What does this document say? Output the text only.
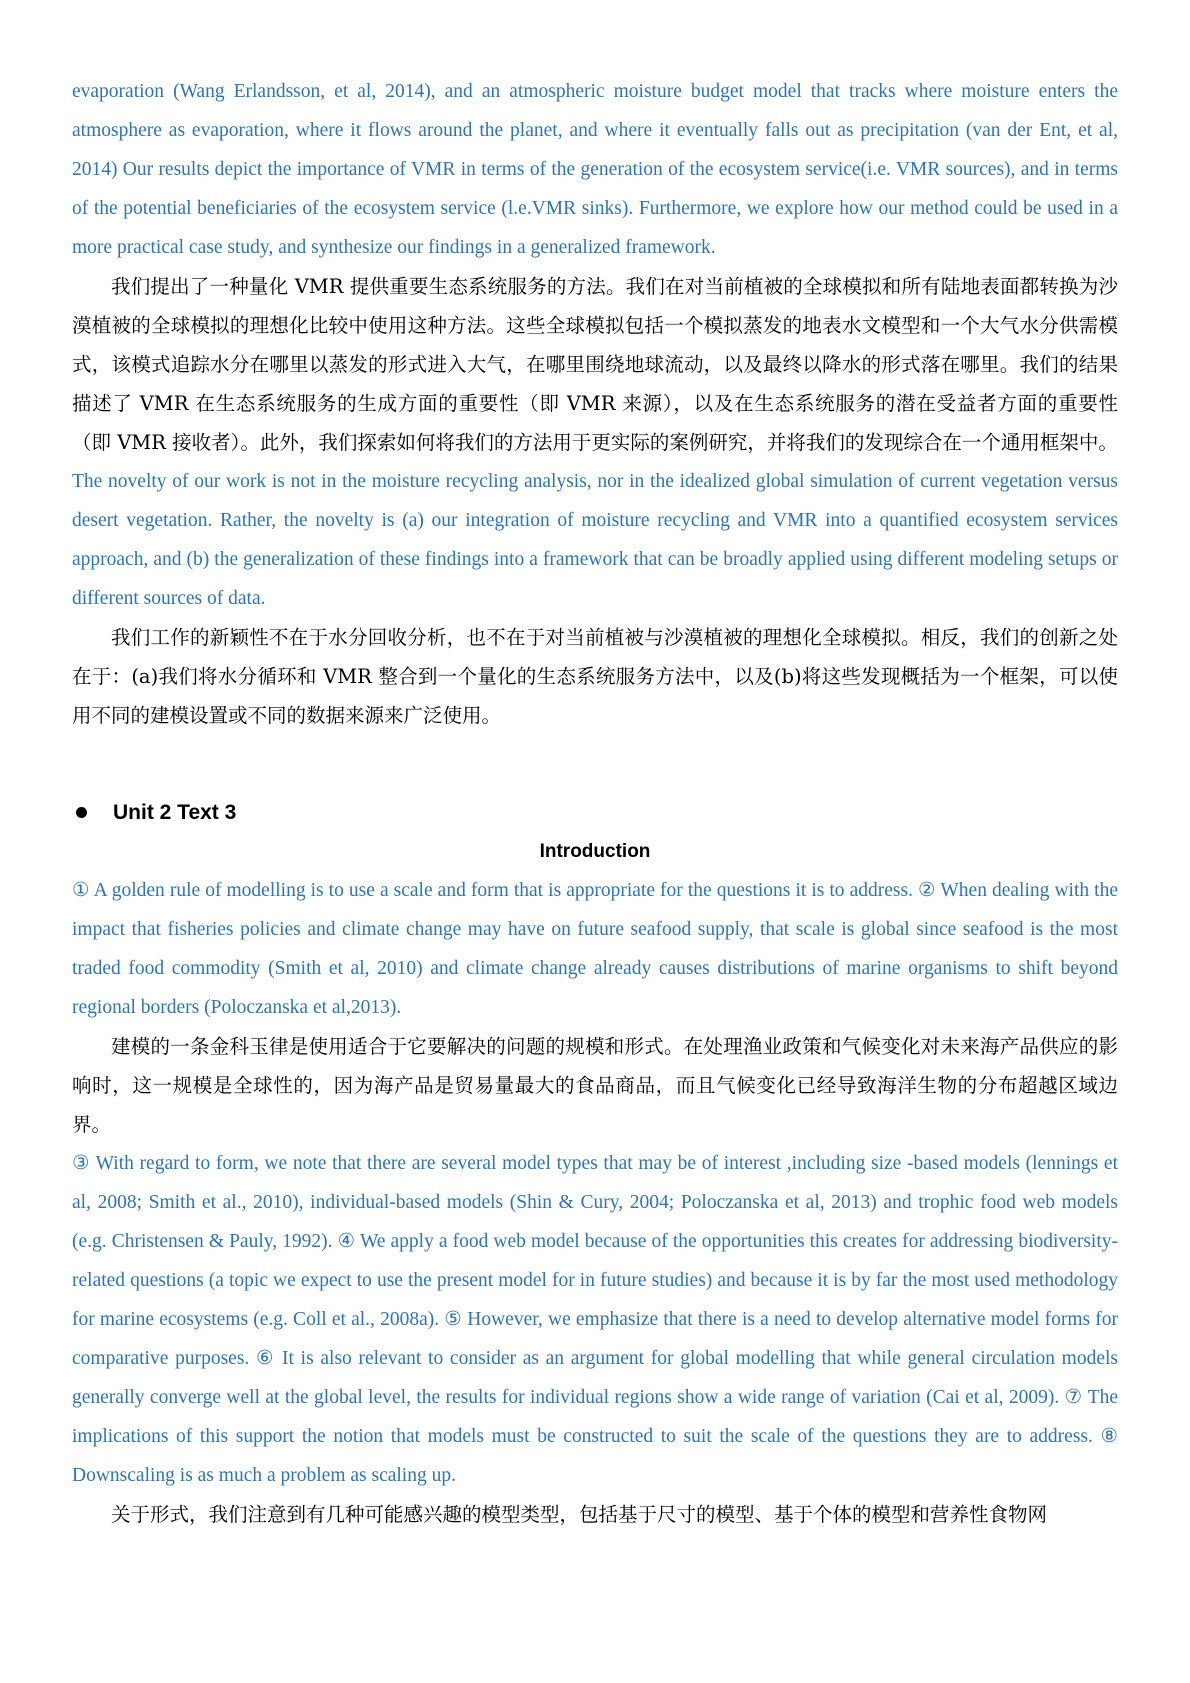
evaporation (Wang Erlandsson, et al, 2014), and an atmospheric moisture budget model that tracks where moisture enters the atmosphere as evaporation, where it flows around the planet, and where it eventually falls out as precipitation (van der Ent, et al, 2014) Our results depict the importance of VMR in terms of the generation of the ecosystem service(i.e. VMR sources), and in terms of the potential beneficiaries of the ecosystem service (l.e.VMR sinks). Furthermore, we explore how our method could be used in a more practical case study, and synthesize our findings in a generalized framework.

我们提出了一种量化 VMR 提供重要生态系统服务的方法。我们在对当前植被的全球模拟和所有陆地表面都转换为沙漠植被的全球模拟的理想化比较中使用这种方法。这些全球模拟包括一个模拟蒸发的地表水文模型和一个大气水分供需模式，该模式追踪水分在哪里以蒸发的形式进入大气，在哪里围绕地球流动，以及最终以降水的形式落在哪里。我们的结果描述了 VMR 在生态系统服务的生成方面的重要性（即 VMR 来源），以及在生态系统服务的潜在受益者方面的重要性（即 VMR 接收者）。此外，我们探索如何将我们的方法用于更实际的案例研究，并将我们的发现综合在一个通用框架中。

The novelty of our work is not in the moisture recycling analysis, nor in the idealized global simulation of current vegetation versus desert vegetation. Rather, the novelty is (a) our integration of moisture recycling and VMR into a quantified ecosystem services approach, and (b) the generalization of these findings into a framework that can be broadly applied using different modeling setups or different sources of data.

我们工作的新颖性不在于水分回收分析，也不在于对当前植被与沙漠植被的理想化全球模拟。相反，我们的创新之处在于：(a)我们将水分循环和 VMR 整合到一个量化的生态系统服务方法中，以及(b)将这些发现概括为一个框架，可以使用不同的建模设置或不同的数据来源来广泛使用。

Unit 2 Text 3

Introduction

① A golden rule of modelling is to use a scale and form that is appropriate for the questions it is to address. ② When dealing with the impact that fisheries policies and climate change may have on future seafood supply, that scale is global since seafood is the most traded food commodity (Smith et al, 2010) and climate change already causes distributions of marine organisms to shift beyond regional borders (Poloczanska et al,2013).

建模的一条金科玉律是使用适合于它要解决的问题的规模和形式。在处理渔业政策和气候变化对未来海产品供应的影响时，这一规模是全球性的，因为海产品是贸易量最大的食品商品，而且气候变化已经导致海洋生物的分布超越区域边界。

③ With regard to form, we note that there are several model types that may be of interest ,including size -based models (lennings et al, 2008; Smith et al., 2010), individual-based models (Shin & Cury, 2004; Poloczanska et al, 2013) and trophic food web models (e.g. Christensen & Pauly, 1992). ④ We apply a food web model because of the opportunities this creates for addressing biodiversity-related questions (a topic we expect to use the present model for in future studies) and because it is by far the most used methodology for marine ecosystems (e.g. Coll et al., 2008a). ⑤ However, we emphasize that there is a need to develop alternative model forms for comparative purposes. ⑥ It is also relevant to consider as an argument for global modelling that while general circulation models generally converge well at the global level, the results for individual regions show a wide range of variation (Cai et al, 2009). ⑦ The implications of this support the notion that models must be constructed to suit the scale of the questions they are to address. ⑧ Downscaling is as much a problem as scaling up.

关于形式，我们注意到有几种可能感兴趣的模型类型，包括基于尺寸的模型、基于个体的模型和营养性食物网
